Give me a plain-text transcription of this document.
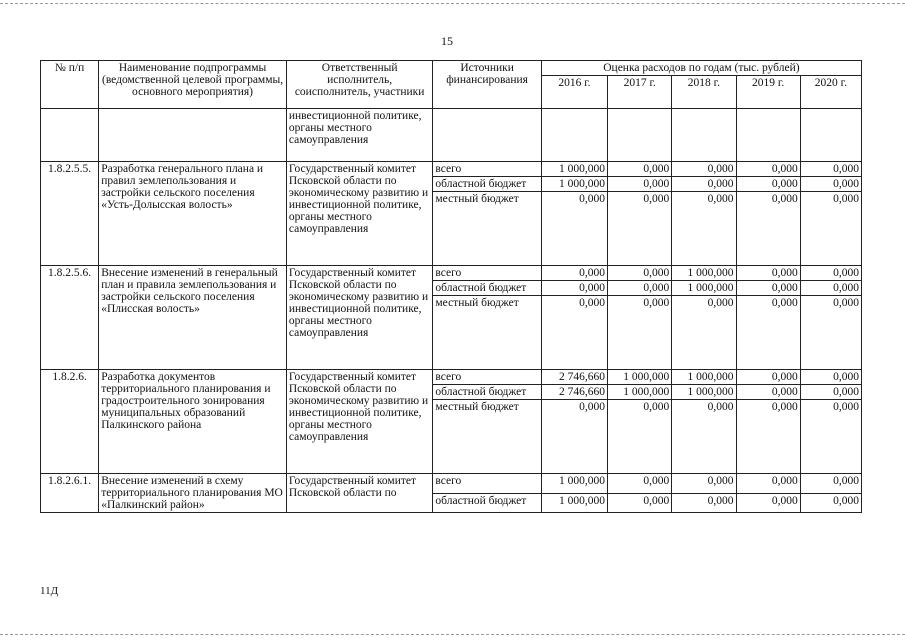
15
№ п/п	Наименование подпрограммы (ведомственной целевой программы, основного мероприятия)	Ответственный исполнитель, соисполнитель, участники	Источники финансирования	Оценка расходов по годам (тыс. рублей)				
				2016 г.	2017 г.	2018 г.	2019 г.	2020 г.
		инвестиционной политике, органы местного самоуправления						
1.8.2.5.5.	Разработка генерального плана и правил землепользования и застройки сельского поселения «Усть-Долысская волость»	Государственный комитет Псковской области по экономическому развитию и инвестиционной политике, органы местного самоуправления	всего	1 000,000	0,000	0,000	0,000	0,000
			областной бюджет	1 000,000	0,000	0,000	0,000	0,000
			местный бюджет	0,000	0,000	0,000	0,000	0,000
1.8.2.5.6.	Внесение изменений в генеральный план и правила землепользования и застройки сельского поселения «Плисская волость»	Государственный комитет Псковской области по экономическому развитию и инвестиционной политике, органы местного самоуправления	всего	0,000	0,000	1 000,000	0,000	0,000
			областной бюджет	0,000	0,000	1 000,000	0,000	0,000
			местный бюджет	0,000	0,000	0,000	0,000	0,000
1.8.2.6.	Разработка документов территориального планирования и градостроительного зонирования муниципальных образований Палкинского района	Государственный комитет Псковской области по экономическому развитию и инвестиционной политике, органы местного самоуправления	всего	2 746,660	1 000,000	1 000,000	0,000	0,000
			областной бюджет	2 746,660	1 000,000	1 000,000	0,000	0,000
			местный бюджет	0,000	0,000	0,000	0,000	0,000
1.8.2.6.1.	Внесение изменений в схему территориального планирования МО «Палкинский район»	Государственный комитет Псковской области по	всего	1 000,000	0,000	0,000	0,000	0,000
			областной бюджет	1 000,000	0,000	0,000	0,000	0,000
11Д
